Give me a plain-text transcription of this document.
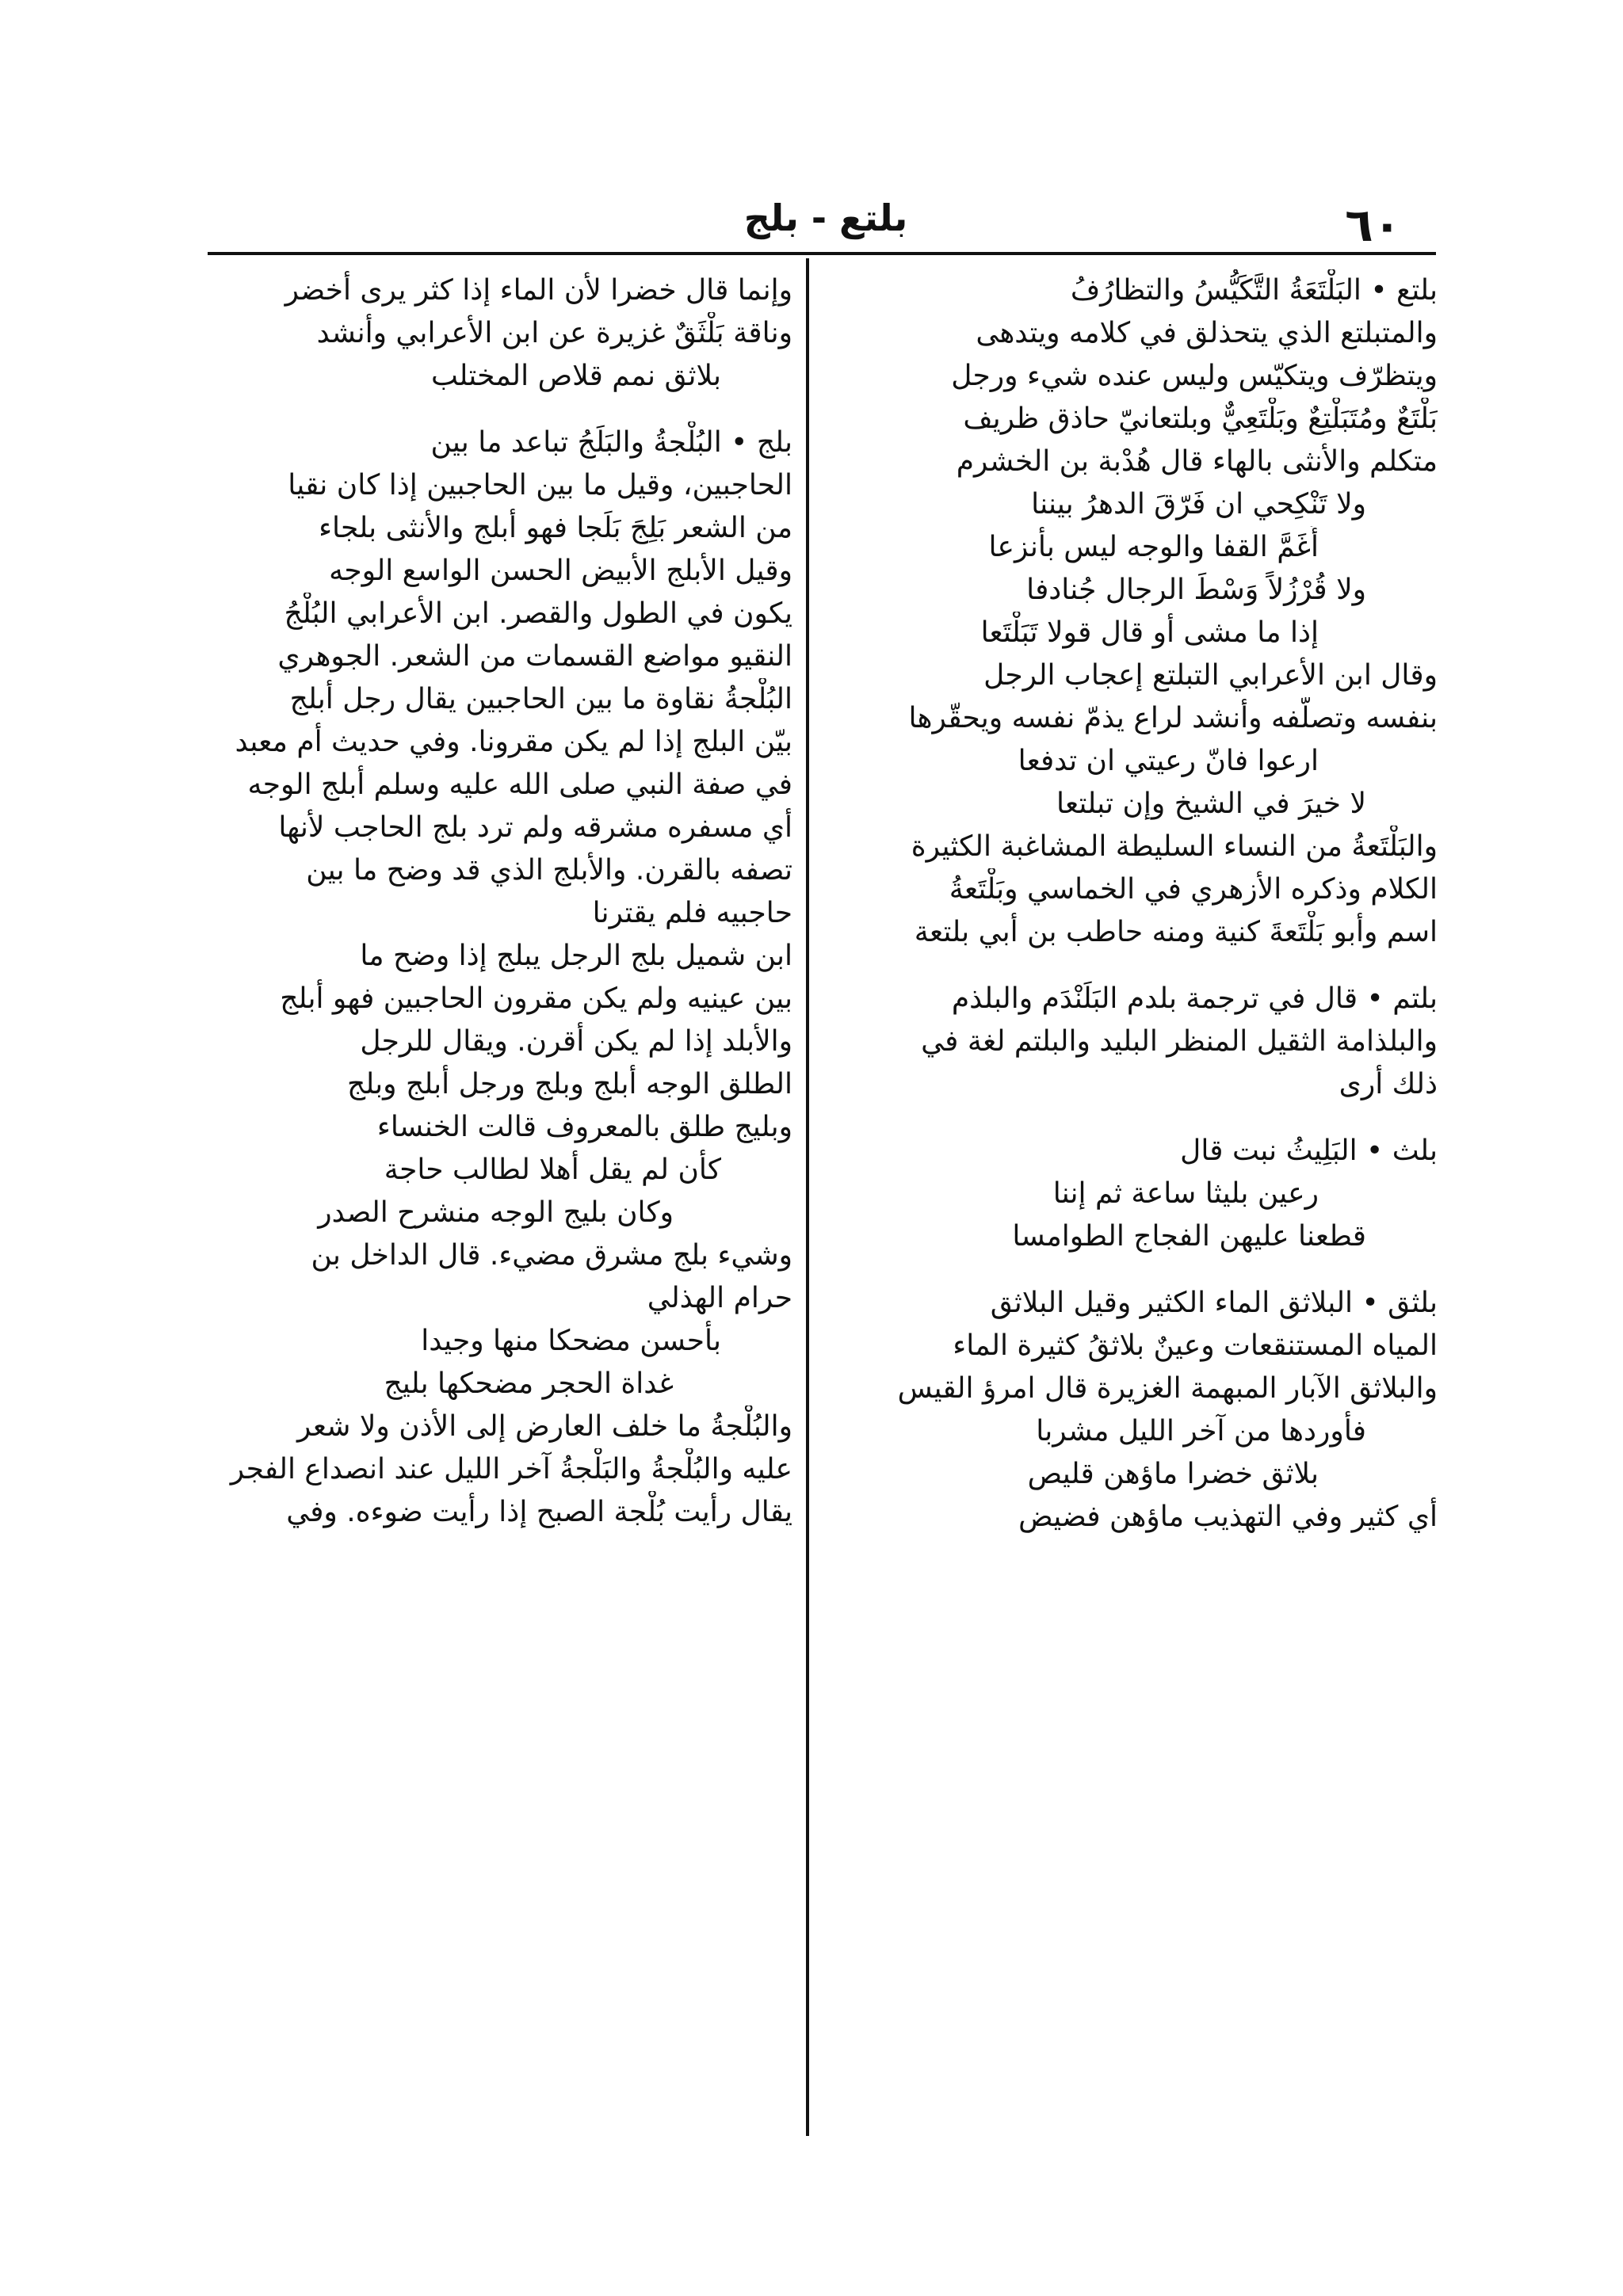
٦٠
بلتع - بلج
بلتع • البَلْتَعَةُ التَّكَيُّسُ والتظارُفُ
والمتبلتع الذي يتحذلق في كلامه ويتدهى
ويتظرّف ويتكيّس وليس عنده شيء ورجل
بَلْتَعٌ ومُتَبَلْتِعٌ وبَلْتَعِيٌّ وبلتعانيّ حاذق ظريف
متكلم والأنثى بالهاء قال هُدْبة بن الخشرم
ولا تَنْكِحي ان فَرّقَ الدهرُ بيننا
أَغَمَّ القفا والوجه ليس بأنزعا
ولا قُرْزُلاً وَسْطَ الرجال جُنادفا
إذا ما مشى أو قال قولا تَبَلْتَعا
وقال ابن الأعرابي التبلتع إعجاب الرجل
بنفسه وتصلّفه وأنشد لراع يذمّ نفسه ويحقّرها
ارعوا فانّ رعيتي ان تدفعا
لا خيرَ في الشيخ وإن تبلتعا
والبَلْتَعةُ من النساء السليطة المشاغبة الكثيرة
الكلام وذكره الأزهري في الخماسي وبَلْتَعةُ
اسم وأبو بَلْتَعةَ كنية ومنه حاطب بن أبي بلتعة
بلتم • قال في ترجمة بلدم البَلَنْدَم والبلذم
والبلذامة الثقيل المنظر البليد والبلتم لغة في
ذلك أرى
بلث • البَلِيثُ نبت قال
رعين بليثا ساعة ثم إننا
قطعنا عليهن الفجاج الطوامسا
بلثق • البلاثق الماء الكثير وقيل البلاثق
المياه المستنقعات وعينٌ بلاثقُ كثيرة الماء
والبلاثق الآبار المبهمة الغزيرة قال امرؤ القيس
فأوردها من آخر الليل مشربا
بلاثق خضرا ماؤهن قليص
أي كثير وفي التهذيب ماؤهن فضيض
وإنما قال خضرا لأن الماء إذا كثر يرى أخضر
وناقة بَلْثَقٌ غزيرة عن ابن الأعرابي وأنشد
بلاثق نمم قلاص المختلب
بلج • البُلْجةُ والبَلَجُ تباعد ما بين
الحاجبين، وقيل ما بين الحاجبين إذا كان نقيا
من الشعر بَلِجَ بَلَجا فهو أبلج والأنثى بلجاء
وقيل الأبلج الأبيض الحسن الواسع الوجه
يكون في الطول والقصر. ابن الأعرابي البُلْجُ
النقيو مواضع القسمات من الشعر. الجوهري
البُلْجةُ نقاوة ما بين الحاجبين يقال رجل أبلج
بيّن البلج إذا لم يكن مقرونا. وفي حديث أم معبد
في صفة النبي صلى الله عليه وسلم أبلج الوجه
أي مسفره مشرقه ولم ترد بلج الحاجب لأنها
تصفه بالقرن. والأبلج الذي قد وضح ما بين
حاجبيه فلم يقترنا
ابن شميل بلج الرجل يبلج إذا وضح ما
بين عينيه ولم يكن مقرون الحاجبين فهو أبلج
والأبلد إذا لم يكن أقرن. ويقال للرجل
الطلق الوجه أبلج وبلج ورجل أبلج وبلج
وبليج طلق بالمعروف قالت الخنساء
كأن لم يقل أهلا لطالب حاجة
وكان بليج الوجه منشرح الصدر
وشيء بلج مشرق مضيء. قال الداخل بن
حرام الهذلي
بأحسن مضحكا منها وجيدا
غداة الحجر مضحكها بليج
والبُلْجةُ ما خلف العارض إلى الأذن ولا شعر
عليه والبُلْجةُ والبَلْجةُ آخر الليل عند انصداع الفجر
يقال رأيت بُلْجة الصبح إذا رأيت ضوءه. وفي
